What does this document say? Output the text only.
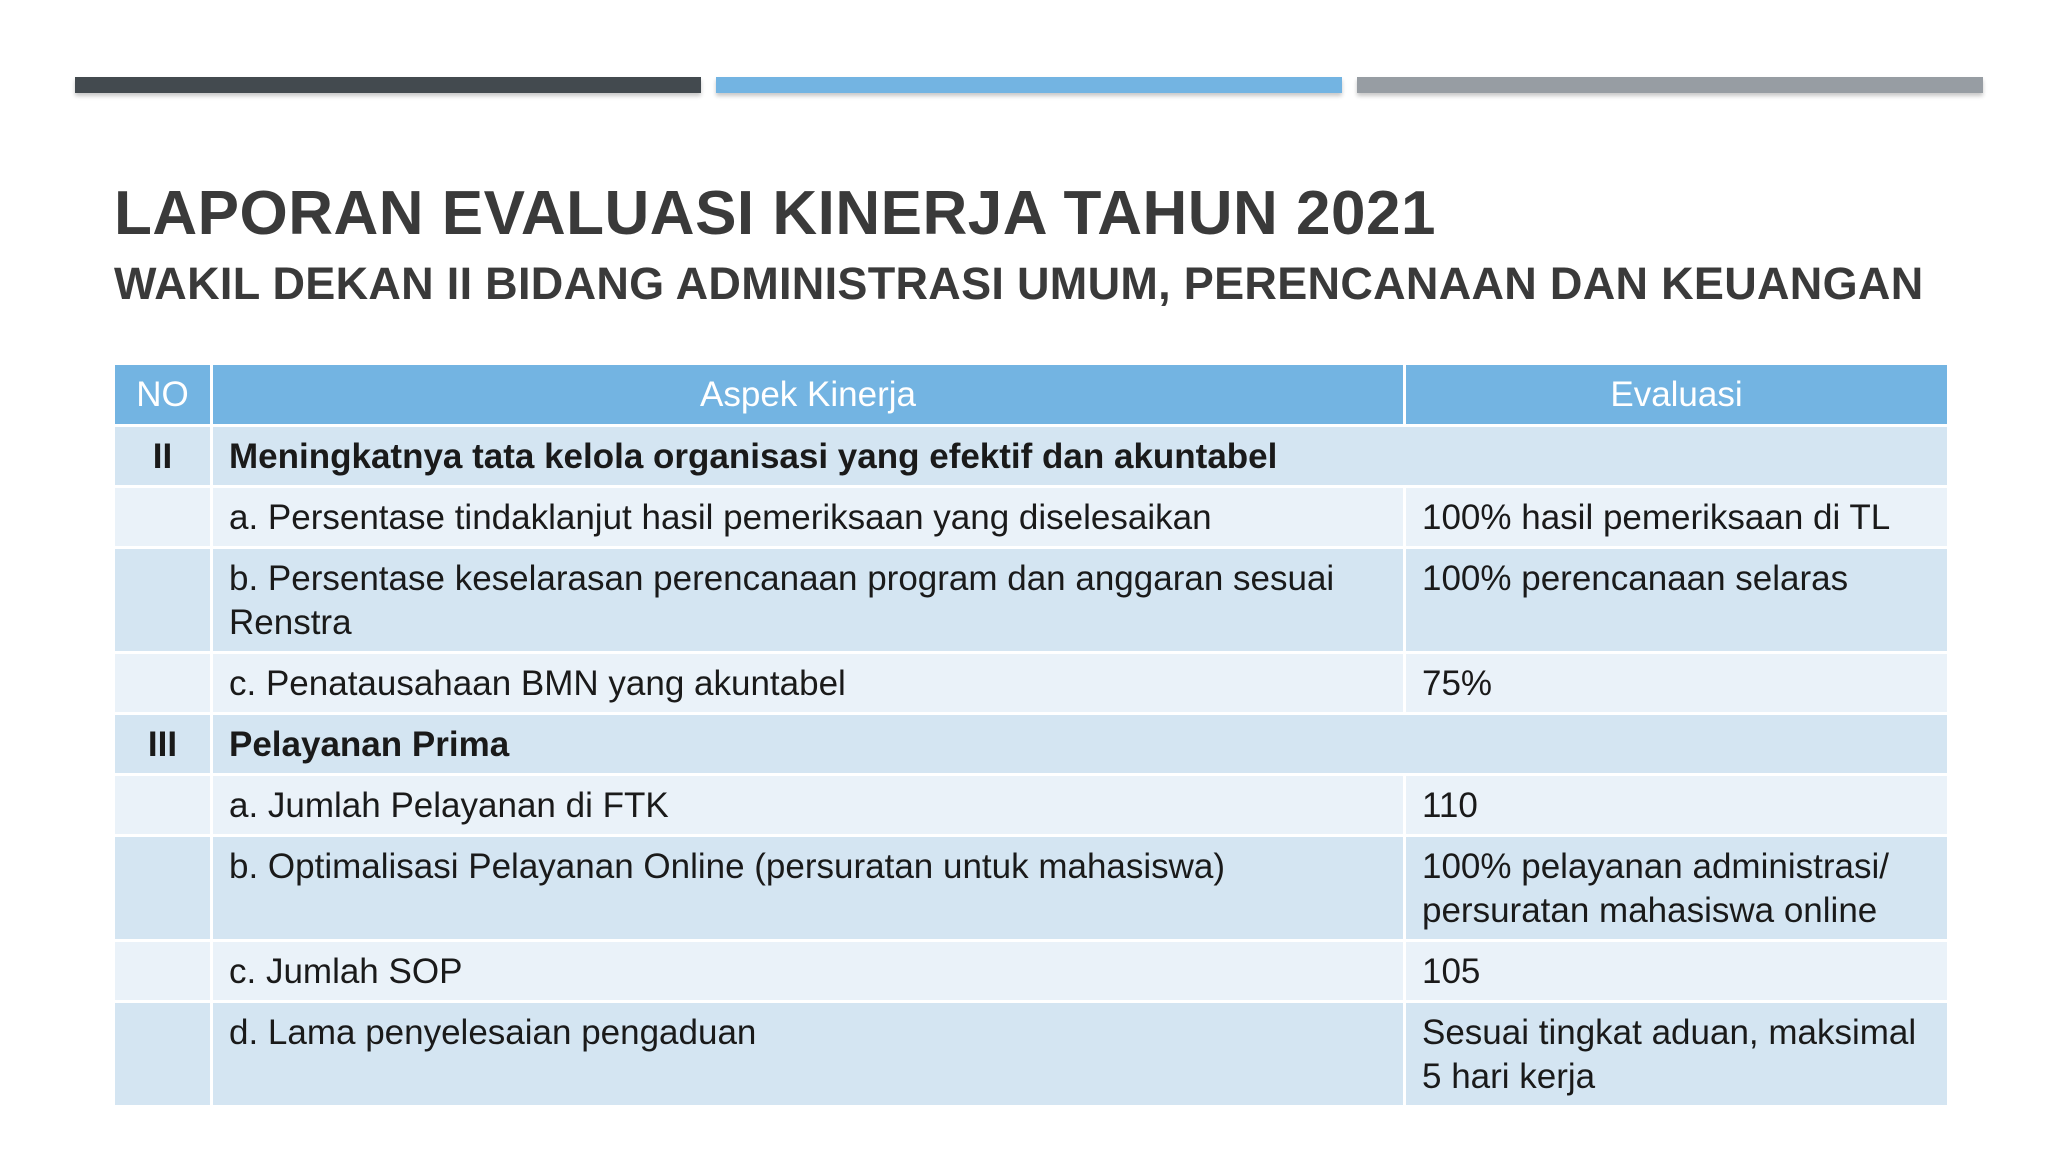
LAPORAN EVALUASI KINERJA TAHUN 2021
WAKIL DEKAN II BIDANG ADMINISTRASI UMUM, PERENCANAAN DAN KEUANGAN
NO	Aspek Kinerja	Evaluasi
II	Meningkatnya tata kelola organisasi yang efektif dan akuntabel	
	a. Persentase tindaklanjut hasil pemeriksaan yang diselesaikan	100% hasil pemeriksaan di TL
	b. Persentase keselarasan perencanaan program dan anggaran sesuai Renstra	100% perencanaan selaras
	c. Penatausahaan BMN yang akuntabel	75%
III	Pelayanan Prima	
	a. Jumlah Pelayanan di FTK	110
	b. Optimalisasi Pelayanan Online (persuratan untuk mahasiswa)	100% pelayanan administrasi/ persuratan mahasiswa online
	c. Jumlah SOP	105
	d. Lama penyelesaian pengaduan	Sesuai tingkat aduan, maksimal 5 hari kerja
